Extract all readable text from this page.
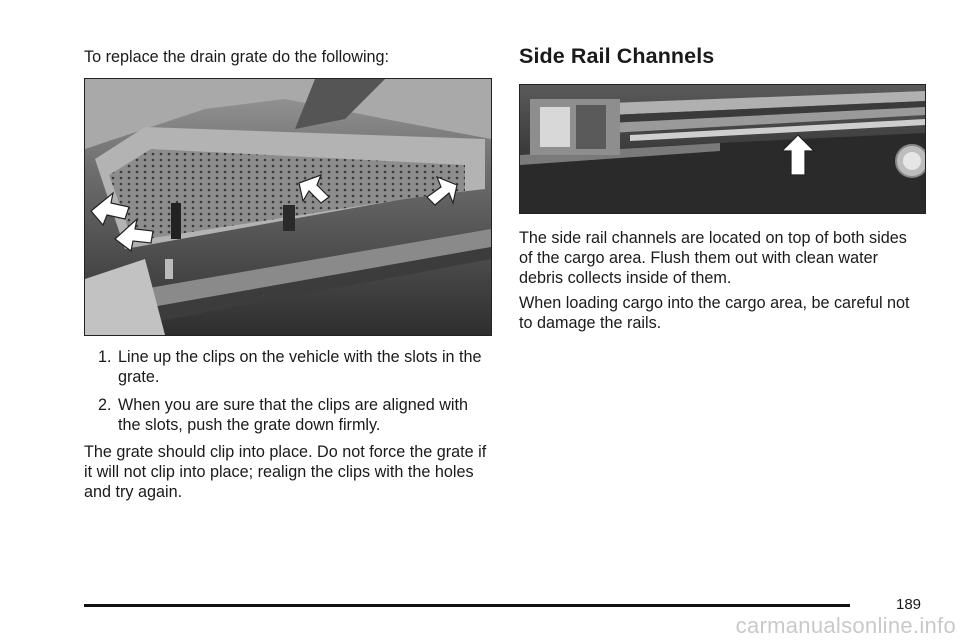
To replace the drain grate do the following:

1. Line up the clips on the vehicle with the slots in the grate.
2. When you are sure that the clips are aligned with the slots, push the grate down firmly.

The grate should clip into place. Do not force the grate if it will not clip into place; realign the clips with the holes and try again.

Side Rail Channels

The side rail channels are located on top of both sides of the cargo area. Flush them out with clean water debris collects inside of them.

When loading cargo into the cargo area, be careful not to damage the rails.

189
carmanualsonline.info
